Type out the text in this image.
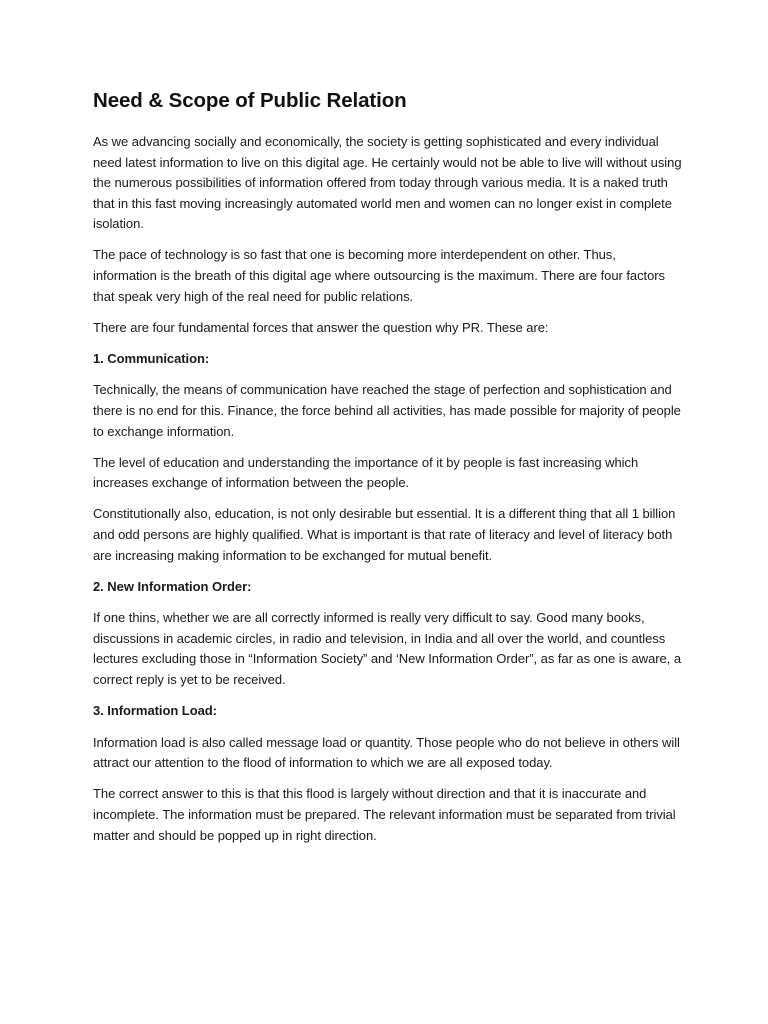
Need & Scope of Public Relation

As we advancing socially and economically, the society is getting sophisticated and every individual need latest information to live on this digital age. He certainly would not be able to live will without using the numerous possibilities of information offered from today through various media. It is a naked truth that in this fast moving increasingly automated world men and women can no longer exist in complete isolation.

The pace of technology is so fast that one is becoming more interdependent on other. Thus, information is the breath of this digital age where outsourcing is the maximum. There are four factors that speak very high of the real need for public relations.

There are four fundamental forces that answer the question why PR. These are:

1. Communication:

Technically, the means of communication have reached the stage of perfection and sophistication and there is no end for this. Finance, the force behind all activities, has made possible for majority of people to exchange information.

The level of education and understanding the importance of it by people is fast increasing which increases exchange of information between the people.

Constitutionally also, education, is not only desirable but essential. It is a different thing that all 1 billion and odd persons are highly qualified. What is important is that rate of literacy and level of literacy both are increasing making information to be exchanged for mutual benefit.

2. New Information Order:

If one thins, whether we are all correctly informed is really very difficult to say. Good many books, discussions in academic circles, in radio and television, in India and all over the world, and countless lectures excluding those in “Information Society” and ‘New Information Order”, as far as one is aware, a correct reply is yet to be received.

3. Information Load:

Information load is also called message load or quantity. Those people who do not believe in others will attract our attention to the flood of information to which we are all exposed today.

The correct answer to this is that this flood is largely without direction and that it is inaccurate and incomplete. The information must be prepared. The relevant information must be separated from trivial matter and should be popped up in right direction.
